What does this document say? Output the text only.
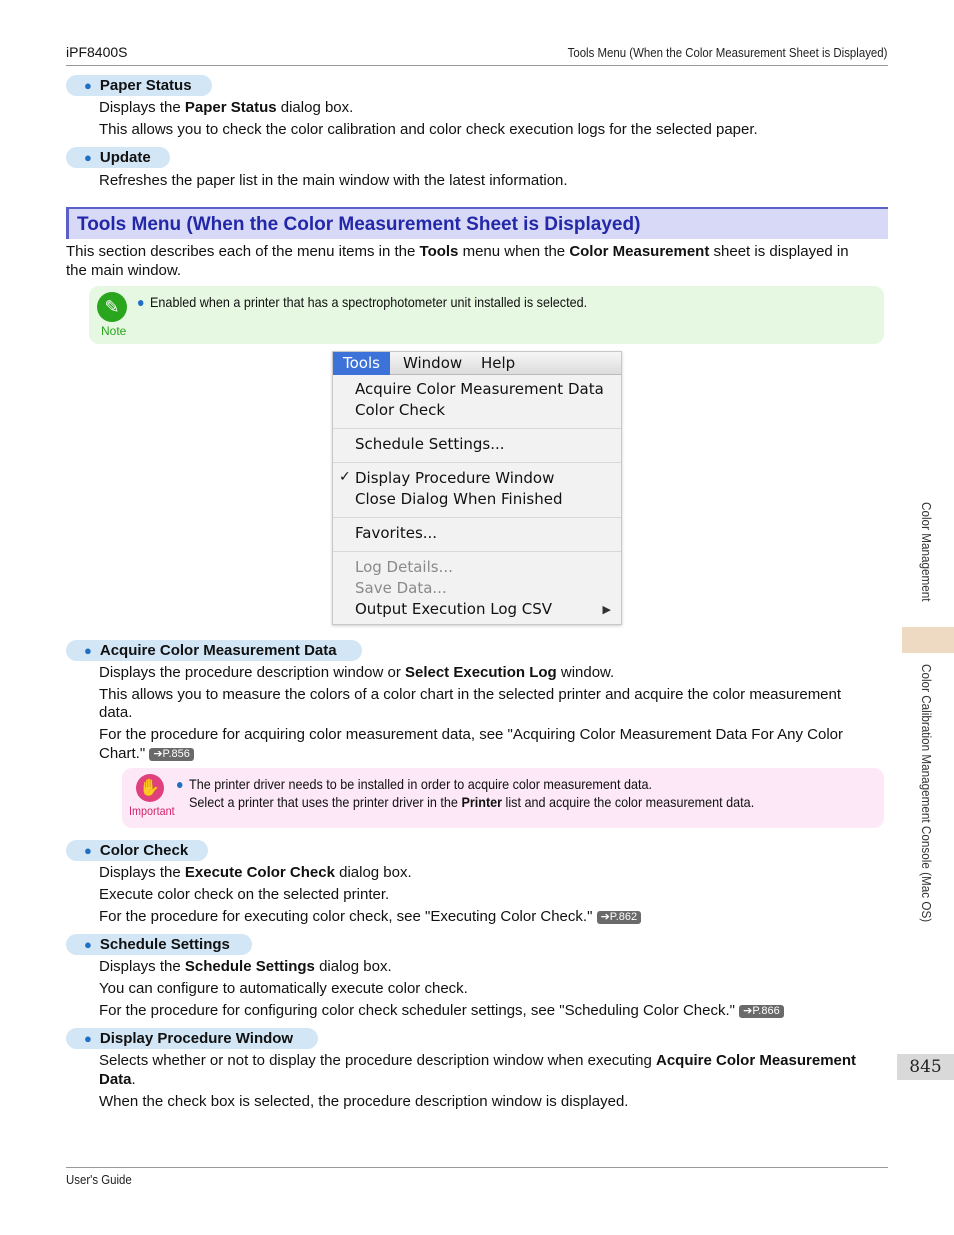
iPF8400S	Tools Menu (When the Color Measurement Sheet is Displayed)
● Paper Status
Displays the Paper Status dialog box.
This allows you to check the color calibration and color check execution logs for the selected paper.
● Update
Refreshes the paper list in the main window with the latest information.
Tools Menu (When the Color Measurement Sheet is Displayed)
This section describes each of the menu items in the Tools menu when the Color Measurement sheet is displayed in
the main window.
✎
Note
● Enabled when a printer that has a spectrophotometer unit installed is selected.
Tools	Window Help
Acquire Color Measurement Data
Color Check
Schedule Settings...
✓ Display Procedure Window
Close Dialog When Finished
Favorites...
Log Details...
Save Data...
Output Execution Log CSV	▶
● Acquire Color Measurement Data
Displays the procedure description window or Select Execution Log window.
This allows you to measure the colors of a color chart in the selected printer and acquire the color measurement
data.
For the procedure for acquiring color measurement data, see "Acquiring Color Measurement Data For Any Color
Chart." ➔P.856
✋
Important
● The printer driver needs to be installed in order to acquire color measurement data.
Select a printer that uses the printer driver in the Printer list and acquire the color measurement data.
● Color Check
Displays the Execute Color Check dialog box.
Execute color check on the selected printer.
For the procedure for executing color check, see "Executing Color Check." ➔P.862
● Schedule Settings
Displays the Schedule Settings dialog box.
You can configure to automatically execute color check.
For the procedure for configuring color check scheduler settings, see "Scheduling Color Check." ➔P.866
● Display Procedure Window
Selects whether or not to display the procedure description window when executing Acquire Color Measurement
Data.
When the check box is selected, the procedure description window is displayed.
User's Guide
Color Management
Color Calibration Management Console (Mac OS)
845
